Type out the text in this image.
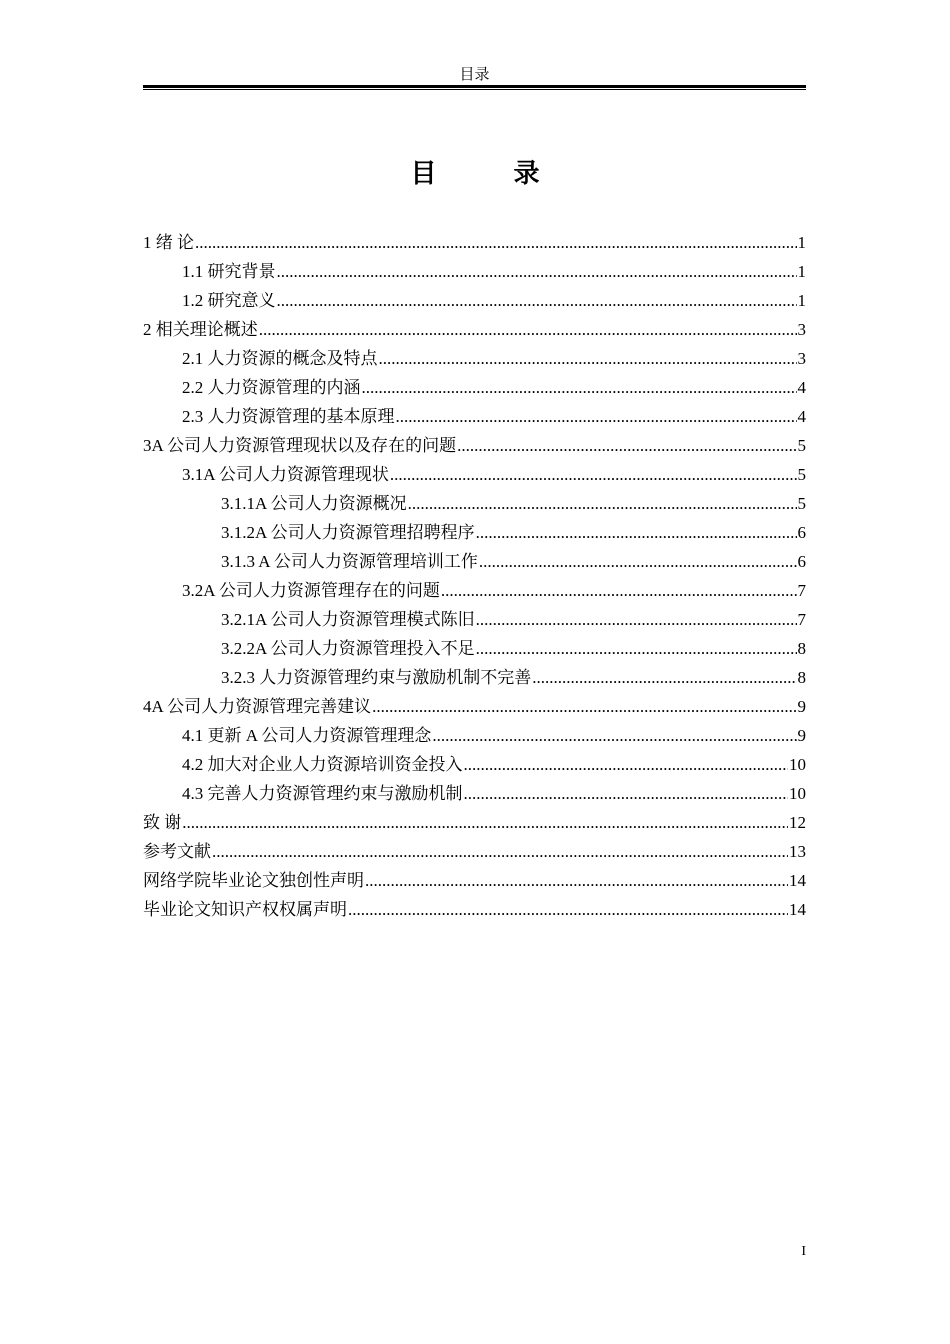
目录
目 录
1 绪 论 .....	1
1.1 研究背景 .....	1
1.2 研究意义 .....	1
2 相关理论概述 .....	3
2.1 人力资源的概念及特点 .....	3
2.2 人力资源管理的内涵 .....	4
2.3 人力资源管理的基本原理 .....	4
3A 公司人力资源管理现状以及存在的问题 .....	5
3.1A 公司人力资源管理现状 .....	5
3.1.1A 公司人力资源概况 .....	5
3.1.2A 公司人力资源管理招聘程序 .....	6
3.1.3 A 公司人力资源管理培训工作 .....	6
3.2A 公司人力资源管理存在的问题 .....	7
3.2.1A 公司人力资源管理模式陈旧 .....	7
3.2.2A 公司人力资源管理投入不足 .....	8
3.2.3 人力资源管理约束与激励机制不完善 .....	8
4A 公司人力资源管理完善建议 .....	9
4.1 更新 A 公司人力资源管理理念 .....	9
4.2 加大对企业人力资源培训资金投入 .....	10
4.3 完善人力资源管理约束与激励机制 .....	10
致 谢 .....	12
参考文献 .....	13
网络学院毕业论文独创性声明 .....	14
毕业论文知识产权权属声明 .....	14
I
